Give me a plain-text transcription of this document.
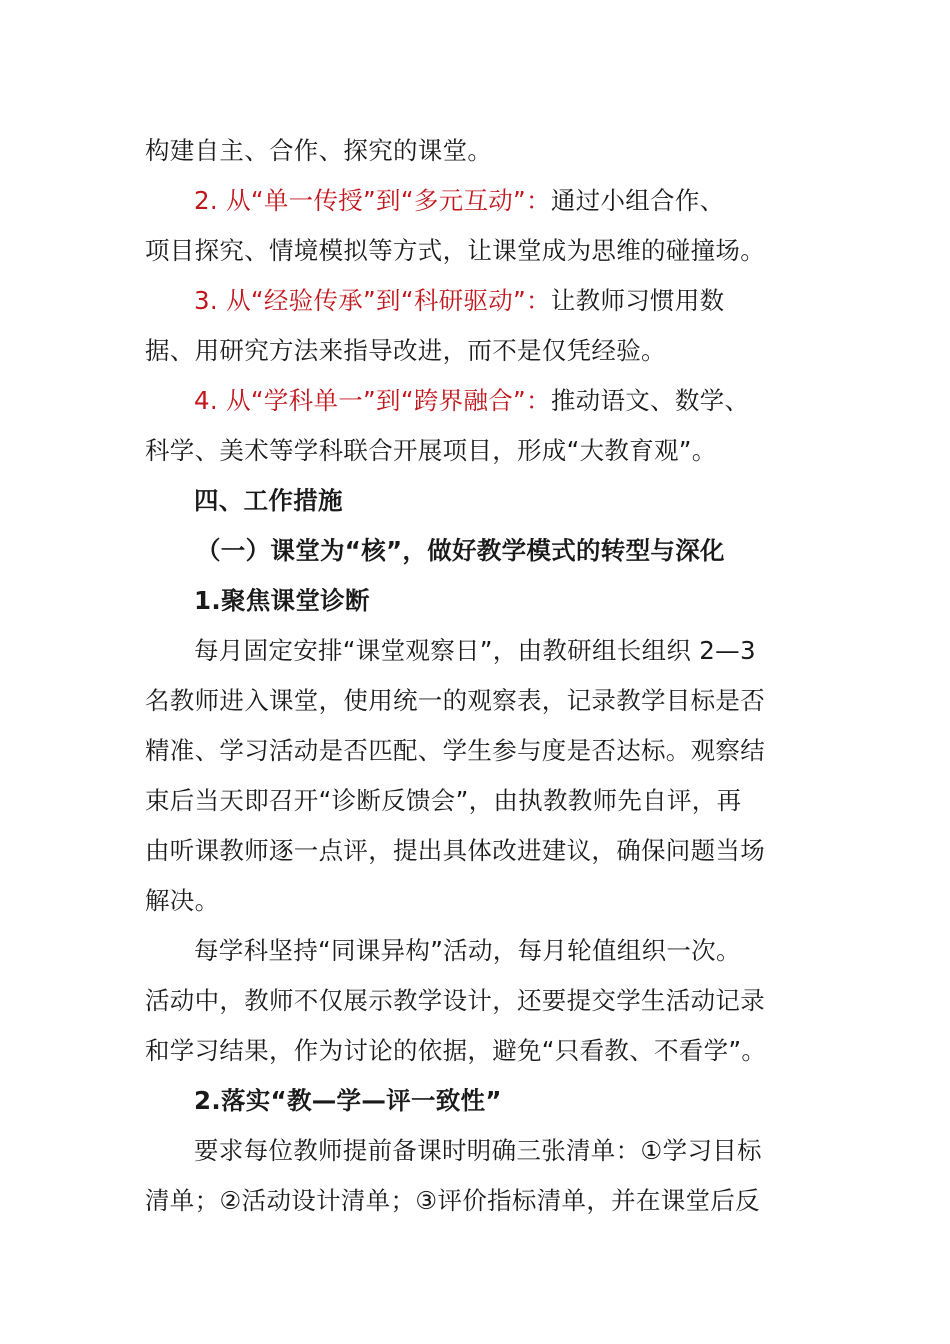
构建自主、合作、探究的课堂。
2. 从“单一传授”到“多元互动”：通过小组合作、
项目探究、情境模拟等方式，让课堂成为思维的碰撞场。
3. 从“经验传承”到“科研驱动”：让教师习惯用数
据、用研究方法来指导改进，而不是仅凭经验。
4. 从“学科单一”到“跨界融合”：推动语文、数学、
科学、美术等学科联合开展项目，形成“大教育观”。
四、工作措施
（一）课堂为“核”，做好教学模式的转型与深化
1.聚焦课堂诊断
每月固定安排“课堂观察日”，由教研组长组织 2—3
名教师进入课堂，使用统一的观察表，记录教学目标是否
精准、学习活动是否匹配、学生参与度是否达标。观察结
束后当天即召开“诊断反馈会”，由执教教师先自评，再
由听课教师逐一点评，提出具体改进建议，确保问题当场
解决。
每学科坚持“同课异构”活动，每月轮值组织一次。
活动中，教师不仅展示教学设计，还要提交学生活动记录
和学习结果，作为讨论的依据，避免“只看教、不看学”。
2.落实“教—学—评一致性”
要求每位教师提前备课时明确三张清单：①学习目标
清单；②活动设计清单；③评价指标清单，并在课堂后反
